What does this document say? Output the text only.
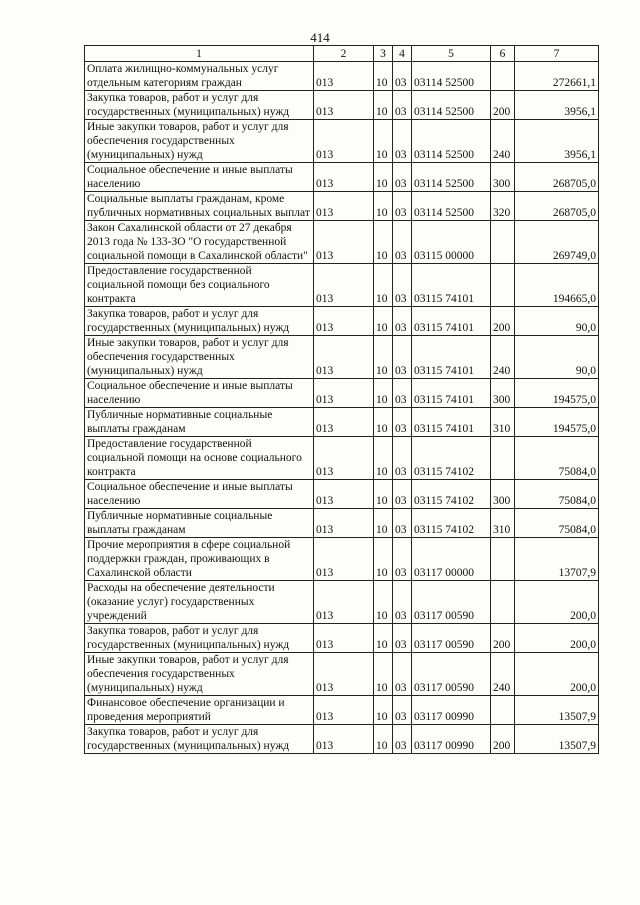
414
1	2	3	4	5	6	7
Оплата жилищно-коммунальных услуг отдельным категориям граждан	013	10	03	03114 52500		272661,1
Закупка товаров, работ и услуг для государственных (муниципальных) нужд	013	10	03	03114 52500	200	3956,1
Иные закупки товаров, работ и услуг для обеспечения государственных (муниципальных) нужд	013	10	03	03114 52500	240	3956,1
Социальное обеспечение и иные выплаты населению	013	10	03	03114 52500	300	268705,0
Социальные выплаты гражданам, кроме публичных нормативных социальных выплат	013	10	03	03114 52500	320	268705,0
Закон Сахалинской области от 27 декабря 2013 года № 133-ЗО "О государственной социальной помощи в Сахалинской области"	013	10	03	03115 00000		269749,0
Предоставление государственной социальной помощи без социального контракта	013	10	03	03115 74101		194665,0
Закупка товаров, работ и услуг для государственных (муниципальных) нужд	013	10	03	03115 74101	200	90,0
Иные закупки товаров, работ и услуг для обеспечения государственных (муниципальных) нужд	013	10	03	03115 74101	240	90,0
Социальное обеспечение и иные выплаты населению	013	10	03	03115 74101	300	194575,0
Публичные нормативные социальные выплаты гражданам	013	10	03	03115 74101	310	194575,0
Предоставление государственной социальной помощи на основе социального контракта	013	10	03	03115 74102		75084,0
Социальное обеспечение и иные выплаты населению	013	10	03	03115 74102	300	75084,0
Публичные нормативные социальные выплаты гражданам	013	10	03	03115 74102	310	75084,0
Прочие мероприятия в сфере социальной поддержки граждан, проживающих в Сахалинской области	013	10	03	03117 00000		13707,9
Расходы на обеспечение деятельности (оказание услуг) государственных учреждений	013	10	03	03117 00590		200,0
Закупка товаров, работ и услуг для государственных (муниципальных) нужд	013	10	03	03117 00590	200	200,0
Иные закупки товаров, работ и услуг для обеспечения государственных (муниципальных) нужд	013	10	03	03117 00590	240	200,0
Финансовое обеспечение организации и проведения мероприятий	013	10	03	03117 00990		13507,9
Закупка товаров, работ и услуг для государственных (муниципальных) нужд	013	10	03	03117 00990	200	13507,9
